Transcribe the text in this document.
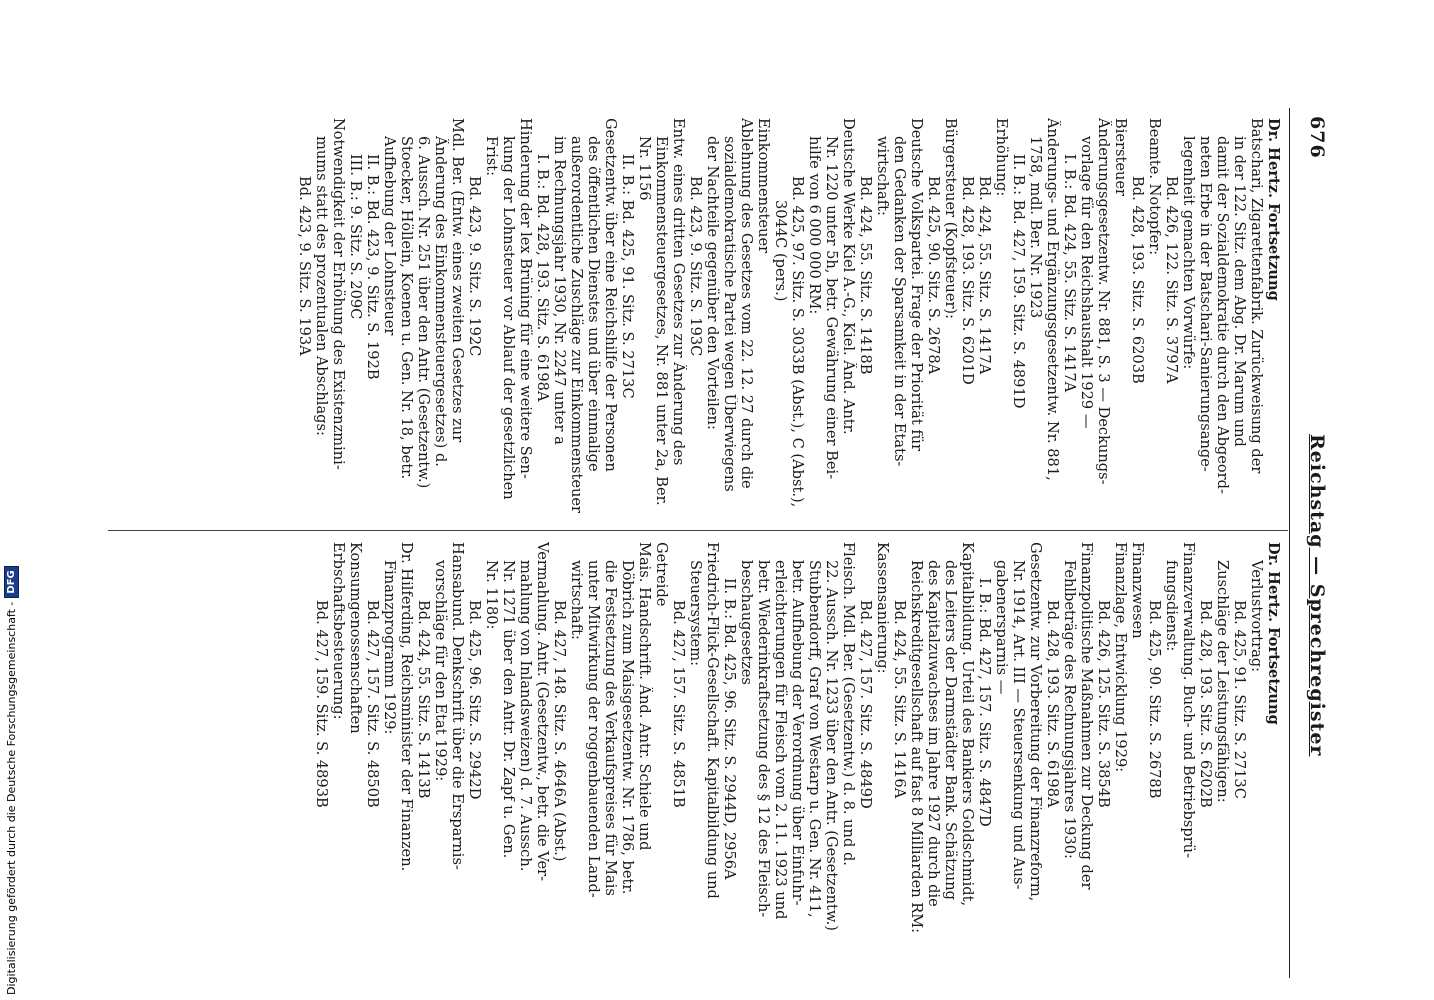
676
Reichstag — Sprechregister
Dr. Hertz. Fortsetzung
Batschari, Zigarettenfabrik. Zurückweisung der
in der 122. Sitz. dem Abg. Dr. Marum und
damit der Sozialdemokratie durch den Abgeord-
neten Erbe in der Batschari-Sanierungsange-
legenheit gemachten Vorwürfe:
Bd. 426, 122. Sitz. S. 3797A
Beamte. Notopfer:
Bd. 428, 193. Sitz. S. 6203B
Biersteuer
Änderungsgesetzentw. Nr. 881, S. 3 — Deckungs-
vorlage für den Reichshaushalt 1929 —
I. B.: Bd. 424, 55. Sitz. S. 1417A
Änderungs- und Ergänzungsgesetzentw. Nr. 881,
1758, mdl. Ber. Nr. 1923
II. B.: Bd. 427, 159. Sitz. S. 4891D
Erhöhung:
Bd. 424, 55. Sitz. S. 1417A
Bd. 428, 193. Sitz. S. 6201D
Bürgersteuer (Kopfsteuer):
Bd. 425, 90. Sitz. S. 2678A
Deutsche Volkspartei. Frage der Priorität für
den Gedanken der Sparsamkeit in der Etats-
wirtschaft:
Bd. 424, 55. Sitz. S. 1418B
Deutsche Werke Kiel A.-G., Kiel. Änd. Antr.
Nr. 1220 unter 5h, betr. Gewährung einer Bei-
hilfe von 6 000 000 RM:
Bd. 425, 97. Sitz. S. 3033B (Abst.), C (Abst.),
3044C (pers.)
Einkommensteuer
Ablehnung des Gesetzes vom 22. 12. 27 durch die
sozialdemokratische Partei wegen Überwiegens
der Nachteile gegenüber den Vorteilen:
Bd. 423, 9. Sitz. S. 193C
Entw. eines dritten Gesetzes zur Änderung des
Einkommensteuergesetzes, Nr. 881 unter 2a, Ber.
Nr. 1156
II. B.: Bd. 425, 91. Sitz. S. 2713C
Gesetzentw. über eine Reichshilfe der Personen
des öffentlichen Dienstes und über einmalige
außerordentliche Zuschläge zur Einkommensteuer
im Rechnungsjahr 1930, Nr. 2247 unter a
I. B.: Bd. 428, 193. Sitz. S. 6198A
Hinderung der lex Brüning für eine weitere Sen-
kung der Lohnsteuer vor Ablauf der gesetzlichen
Frist:
Bd. 423, 9. Sitz. S. 192C
Mdl. Ber. (Entw. eines zweiten Gesetzes zur
Änderung des Einkommensteuergesetzes) d.
6. Aussch. Nr. 251 über den Antr. (Gesetzentw.)
Stoecker, Höllein, Koenen u. Gen. Nr. 18, betr.
Aufhebung der Lohnsteuer
II. B.: Bd. 423, 9. Sitz. S. 192B
III. B.: 9. Sitz. S. 209C
Notwendigkeit der Erhöhung des Existenzmini-
mums statt des prozentualen Abschlags:
Bd. 423, 9. Sitz. S. 193A
Dr. Hertz. Fortsetzung
Verlustvortrag:
Bd. 425, 91. Sitz. S. 2713C
Zuschläge der Leistungsfähigen:
Bd. 428, 193. Sitz. S. 6202B
Finanzverwaltung. Buch- und Betriebsprü-
fungsdienst:
Bd. 425, 90. Sitz. S. 2678B
Finanzwesen
Finanzlage, Entwicklung 1929:
Bd. 426, 125. Sitz. S. 3854B
Finanzpolitische Maßnahmen zur Deckung der
Fehlbeträge des Rechnungsjahres 1930:
Bd. 428, 193. Sitz. S. 6198A
Gesetzentw. zur Vorbereitung der Finanzreform,
Nr. 1914, Art. III — Steuersenkung und Aus-
gabenersparnis —
I. B.: Bd. 427, 157. Sitz. S. 4847D
Kapitalbildung. Urteil des Bankiers Goldschmidt,
des Leiters der Darmstädter Bank. Schätzung
des Kapitalzuwachses im Jahre 1927 durch die
Reichskreditgesellschaft auf fast 8 Milliarden RM:
Bd. 424, 55. Sitz. S. 1416A
Kassensanierung:
Bd. 427, 157. Sitz. S. 4849D
Fleisch. Mdl. Ber. (Gesetzentw.) d. 8. und d.
22. Aussch. Nr. 1233 über den Antr. (Gesetzentw.)
Stubbendorff, Graf von Westarp u. Gen. Nr. 411,
betr. Aufhebung der Verordnung über Einfuhr-
erleichterungen für Fleisch vom 2. 11. 1923 und
betr. Wiederinkraftsetzung des § 12 des Fleisch-
beschaugesetzes
II. B.: Bd. 425, 96. Sitz. S. 2944D, 2956A
Friedrich-Flick-Gesellschaft. Kapitalbildung und
Steuersystem:
Bd. 427, 157. Sitz. S. 4851B
Getreide
Mais. Handschrift. Änd. Antr. Schiele und
Döbrich zum Maisgesetzentw. Nr. 1786, betr.
die Festsetzung des Verkaufspreises für Mais
unter Mitwirkung der roggenbauenden Land-
wirtschaft:
Bd. 427, 148. Sitz. S. 4646A (Abst.)
Vermahlung. Antr. (Gesetzentw., betr. die Ver-
mahlung von Inlandsweizen) d. 7. Aussch.
Nr. 1271 über den Antr. Dr. Zapf u. Gen.
Nr. 1180:
Bd. 425, 96. Sitz. S. 2942D
Hansabund. Denkschrift über die Ersparnis-
vorschläge für den Etat 1929:
Bd. 424, 55. Sitz. S. 1413B
Dr. Hilferding, Reichsminister der Finanzen.
Finanzprogramm 1929:
Bd. 427, 157. Sitz. S. 4850B
Konsumgenossenschaften
Erbschaftsbesteuerung:
Bd. 427, 159. Sitz. S. 4893B
Digitalisierung gefördert durch die Deutsche Forschungsgemeinschaft -
DFG
